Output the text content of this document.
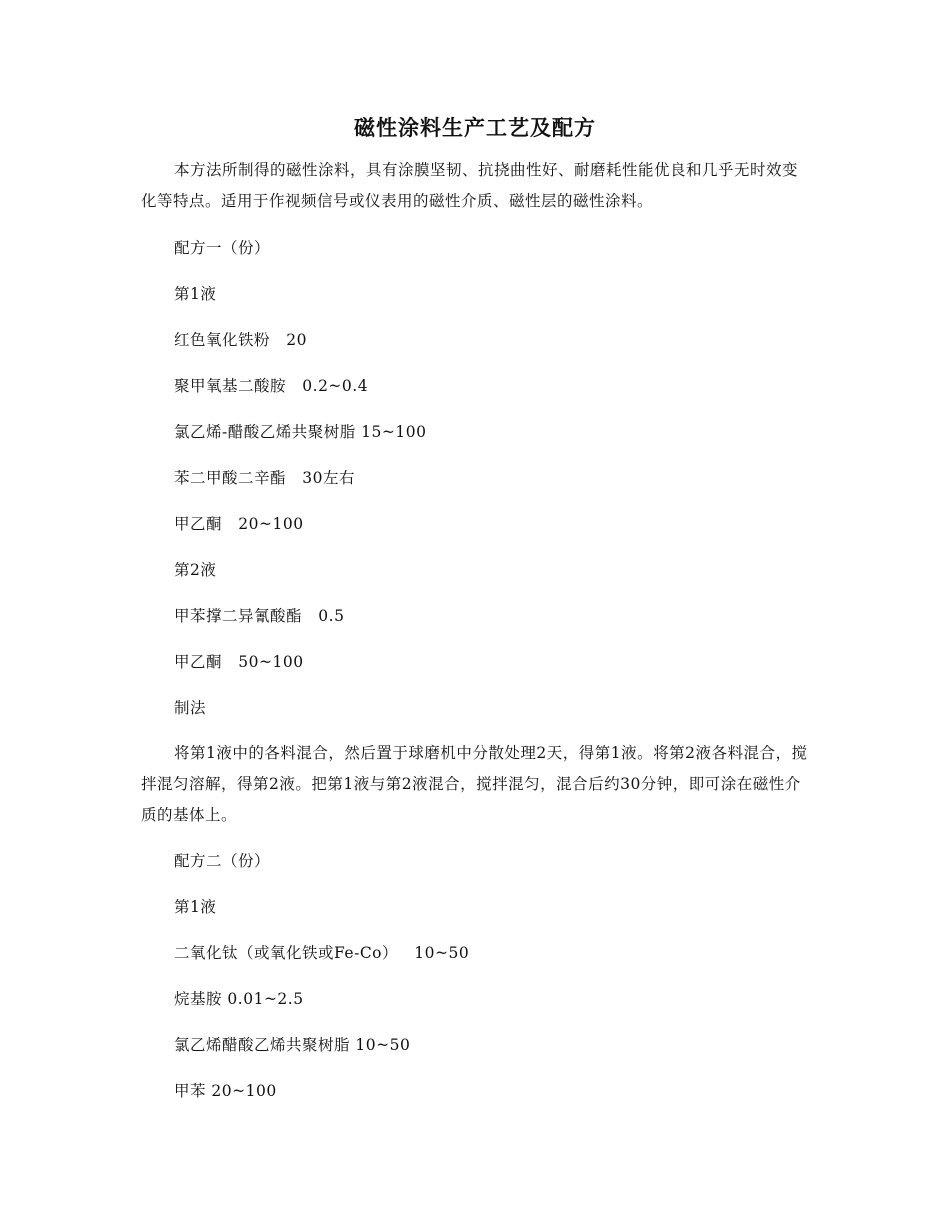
磁性涂料生产工艺及配方
本方法所制得的磁性涂料，具有涂膜坚韧、抗挠曲性好、耐磨耗性能优良和几乎无时效变化等特点。适用于作视频信号或仪表用的磁性介质、磁性层的磁性涂料。
配方一（份）
第1液
红色氧化铁粉   20
聚甲氧基二酸胺   0.2~0.4
氯乙烯-醋酸乙烯共聚树脂 15~100
苯二甲酸二辛酯   30左右
甲乙酮   20~100
第2液
甲苯撑二异氰酸酯   0.5
甲乙酮   50~100
制法
将第1液中的各料混合，然后置于球磨机中分散处理2天，得第1液。将第2液各料混合，搅拌混匀溶解，得第2液。把第1液与第2液混合，搅拌混匀，混合后约30分钟，即可涂在磁性介质的基体上。
配方二（份）
第1液
二氧化钛（或氧化铁或Fe-Co）   10~50
烷基胺 0.01~2.5
氯乙烯醋酸乙烯共聚树脂 10~50
甲苯 20~100
